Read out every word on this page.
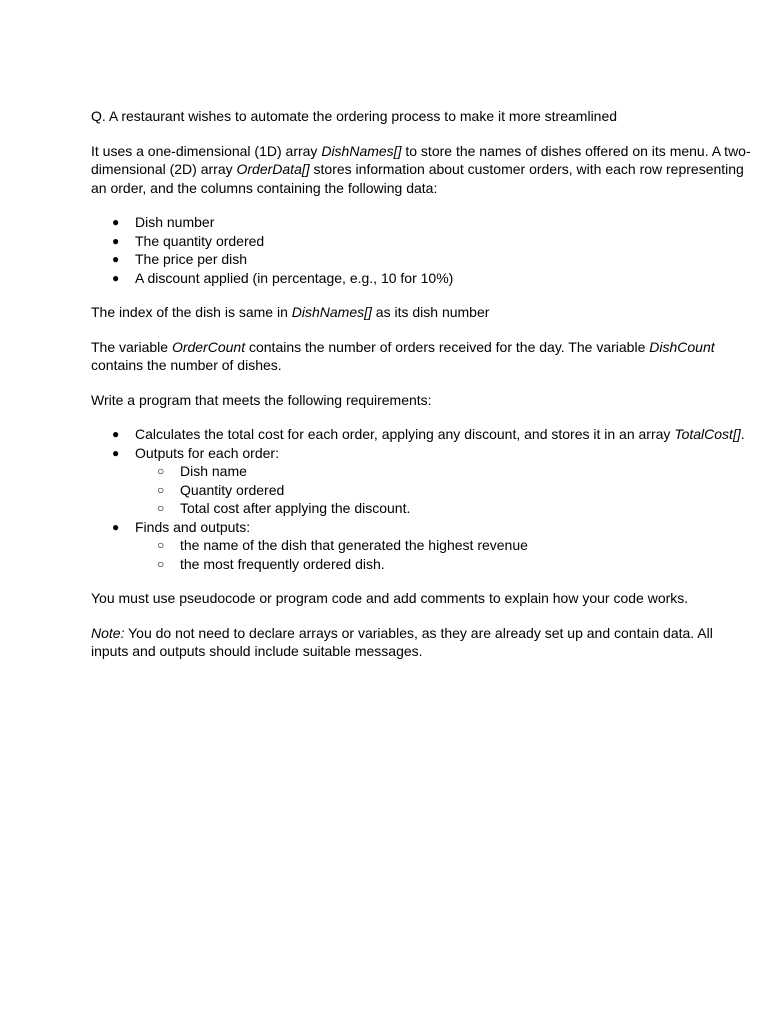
Q. A restaurant wishes to automate the ordering process to make it more streamlined

It uses a one-dimensional (1D) array DishNames[] to store the names of dishes offered on its menu. A two-dimensional (2D) array OrderData[] stores information about customer orders, with each row representing an order, and the columns containing the following data:

● Dish number
● The quantity ordered
● The price per dish
● A discount applied (in percentage, e.g., 10 for 10%)

The index of the dish is same in DishNames[] as its dish number

The variable OrderCount contains the number of orders received for the day. The variable DishCount contains the number of dishes.

Write a program that meets the following requirements:

● Calculates the total cost for each order, applying any discount, and stores it in an array TotalCost[].
● Outputs for each order:
○ Dish name
○ Quantity ordered
○ Total cost after applying the discount.
● Finds and outputs:
○ the name of the dish that generated the highest revenue
○ the most frequently ordered dish.

You must use pseudocode or program code and add comments to explain how your code works.

Note: You do not need to declare arrays or variables, as they are already set up and contain data. All inputs and outputs should include suitable messages.
